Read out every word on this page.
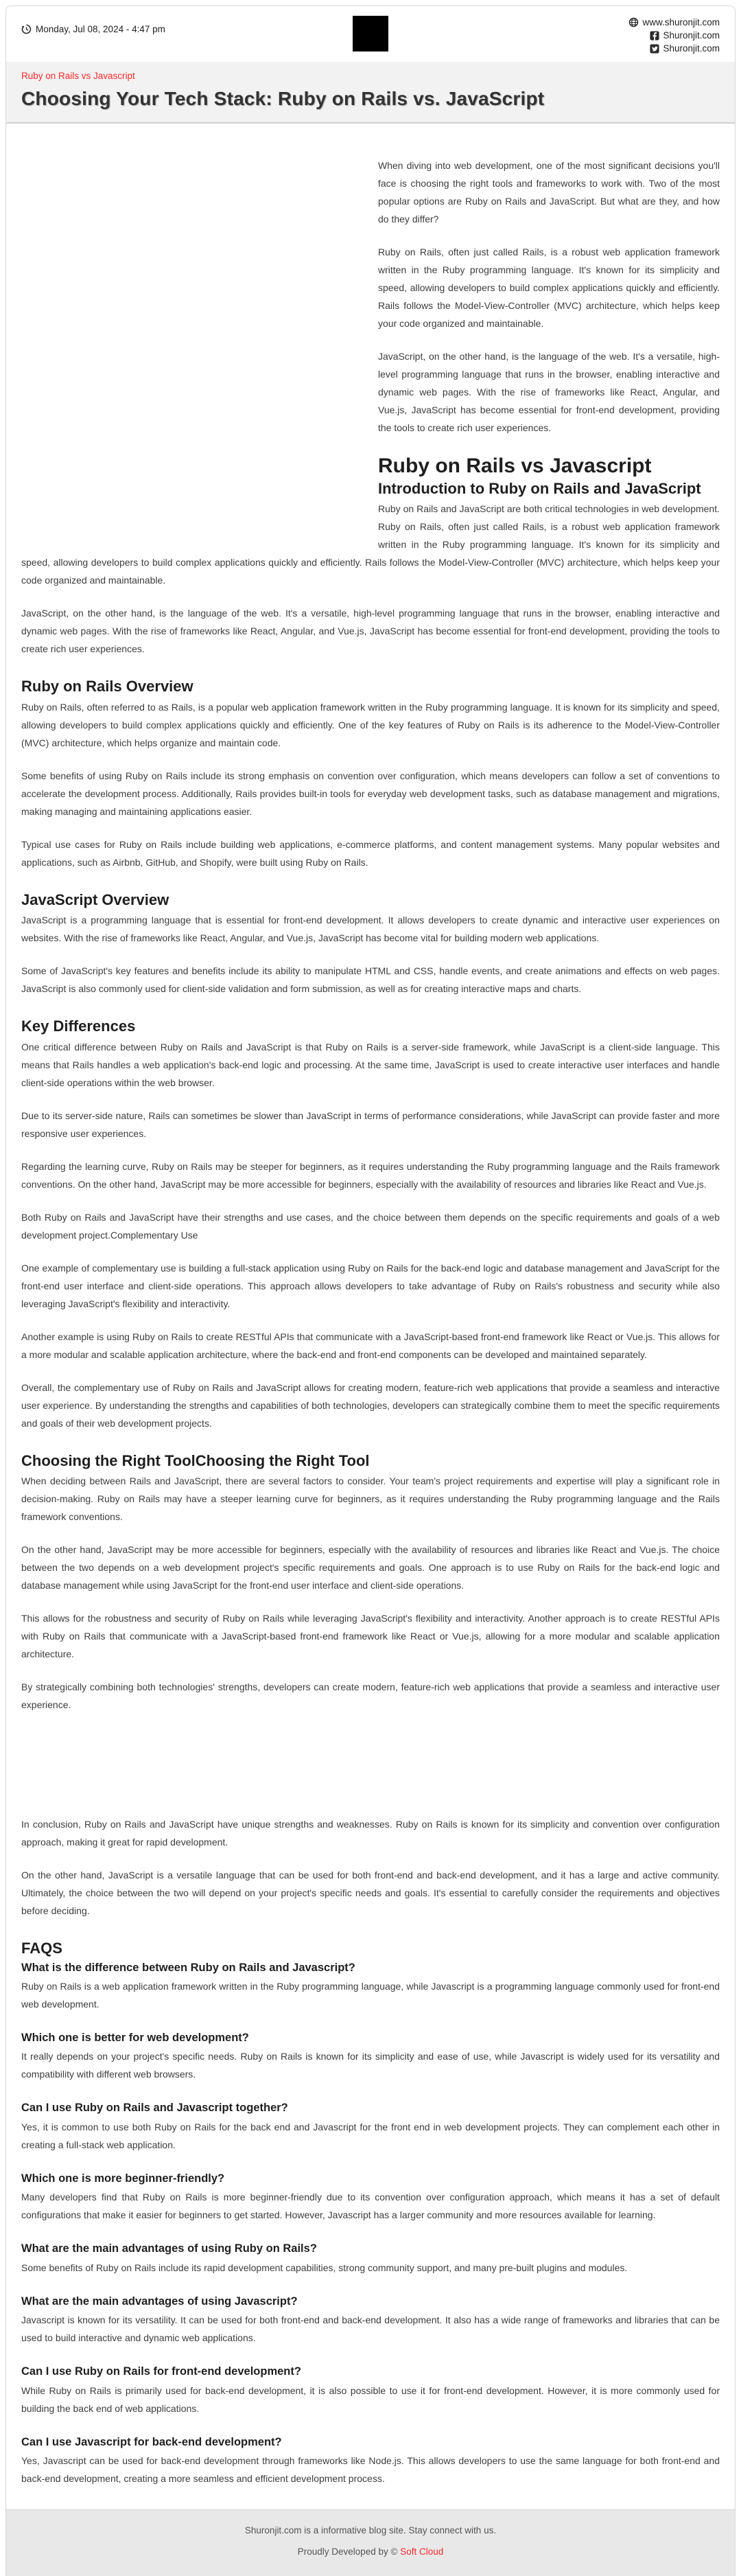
Monday, Jul 08, 2024 - 4:47 pm
www.shuronjit.com
Shuronjit.com
Shuronjit.com
Ruby on Rails vs Javascript
Choosing Your Tech Stack: Ruby on Rails vs. JavaScript

When diving into web development, one of the most significant decisions you'll face is choosing the right tools and frameworks to work with. Two of the most popular options are Ruby on Rails and JavaScript. But what are they, and how do they differ?

Ruby on Rails, often just called Rails, is a robust web application framework written in the Ruby programming language. It's known for its simplicity and speed, allowing developers to build complex applications quickly and efficiently. Rails follows the Model-View-Controller (MVC) architecture, which helps keep your code organized and maintainable.

JavaScript, on the other hand, is the language of the web. It's a versatile, high-level programming language that runs in the browser, enabling interactive and dynamic web pages. With the rise of frameworks like React, Angular, and Vue.js, JavaScript has become essential for front-end development, providing the tools to create rich user experiences.

Ruby on Rails vs Javascript
Introduction to Ruby on Rails and JavaScript

Ruby on Rails and JavaScript are both critical technologies in web development. Ruby on Rails, often just called Rails, is a robust web application framework written in the Ruby programming language. It's known for its simplicity and speed, allowing developers to build complex applications quickly and efficiently. Rails follows the Model-View-Controller (MVC) architecture, which helps keep your code organized and maintainable.

JavaScript, on the other hand, is the language of the web. It's a versatile, high-level programming language that runs in the browser, enabling interactive and dynamic web pages. With the rise of frameworks like React, Angular, and Vue.js, JavaScript has become essential for front-end development, providing the tools to create rich user experiences.

Ruby on Rails Overview

Ruby on Rails, often referred to as Rails, is a popular web application framework written in the Ruby programming language. It is known for its simplicity and speed, allowing developers to build complex applications quickly and efficiently. One of the key features of Ruby on Rails is its adherence to the Model-View-Controller (MVC) architecture, which helps organize and maintain code.

Some benefits of using Ruby on Rails include its strong emphasis on convention over configuration, which means developers can follow a set of conventions to accelerate the development process. Additionally, Rails provides built-in tools for everyday web development tasks, such as database management and migrations, making managing and maintaining applications easier.

Typical use cases for Ruby on Rails include building web applications, e-commerce platforms, and content management systems. Many popular websites and applications, such as Airbnb, GitHub, and Shopify, were built using Ruby on Rails.

JavaScript Overview

JavaScript is a programming language that is essential for front-end development. It allows developers to create dynamic and interactive user experiences on websites. With the rise of frameworks like React, Angular, and Vue.js, JavaScript has become vital for building modern web applications.

Some of JavaScript's key features and benefits include its ability to manipulate HTML and CSS, handle events, and create animations and effects on web pages. JavaScript is also commonly used for client-side validation and form submission, as well as for creating interactive maps and charts.

Key Differences

One critical difference between Ruby on Rails and JavaScript is that Ruby on Rails is a server-side framework, while JavaScript is a client-side language. This means that Rails handles a web application's back-end logic and processing. At the same time, JavaScript is used to create interactive user interfaces and handle client-side operations within the web browser.

Due to its server-side nature, Rails can sometimes be slower than JavaScript in terms of performance considerations, while JavaScript can provide faster and more responsive user experiences.

Regarding the learning curve, Ruby on Rails may be steeper for beginners, as it requires understanding the Ruby programming language and the Rails framework conventions. On the other hand, JavaScript may be more accessible for beginners, especially with the availability of resources and libraries like React and Vue.js.

Both Ruby on Rails and JavaScript have their strengths and use cases, and the choice between them depends on the specific requirements and goals of a web development project.Complementary Use

One example of complementary use is building a full-stack application using Ruby on Rails for the back-end logic and database management and JavaScript for the front-end user interface and client-side operations. This approach allows developers to take advantage of Ruby on Rails's robustness and security while also leveraging JavaScript's flexibility and interactivity.

Another example is using Ruby on Rails to create RESTful APIs that communicate with a JavaScript-based front-end framework like React or Vue.js. This allows for a more modular and scalable application architecture, where the back-end and front-end components can be developed and maintained separately.

Overall, the complementary use of Ruby on Rails and JavaScript allows for creating modern, feature-rich web applications that provide a seamless and interactive user experience. By understanding the strengths and capabilities of both technologies, developers can strategically combine them to meet the specific requirements and goals of their web development projects.

Choosing the Right ToolChoosing the Right Tool

When deciding between Rails and JavaScript, there are several factors to consider. Your team's project requirements and expertise will play a significant role in decision-making. Ruby on Rails may have a steeper learning curve for beginners, as it requires understanding the Ruby programming language and the Rails framework conventions.

On the other hand, JavaScript may be more accessible for beginners, especially with the availability of resources and libraries like React and Vue.js. The choice between the two depends on a web development project's specific requirements and goals. One approach is to use Ruby on Rails for the back-end logic and database management while using JavaScript for the front-end user interface and client-side operations.

This allows for the robustness and security of Ruby on Rails while leveraging JavaScript's flexibility and interactivity. Another approach is to create RESTful APIs with Ruby on Rails that communicate with a JavaScript-based front-end framework like React or Vue.js, allowing for a more modular and scalable application architecture.

By strategically combining both technologies' strengths, developers can create modern, feature-rich web applications that provide a seamless and interactive user experience.

In conclusion, Ruby on Rails and JavaScript have unique strengths and weaknesses. Ruby on Rails is known for its simplicity and convention over configuration approach, making it great for rapid development.

On the other hand, JavaScript is a versatile language that can be used for both front-end and back-end development, and it has a large and active community. Ultimately, the choice between the two will depend on your project's specific needs and goals. It's essential to carefully consider the requirements and objectives before deciding.

FAQS
What is the difference between Ruby on Rails and Javascript?

Ruby on Rails is a web application framework written in the Ruby programming language, while Javascript is a programming language commonly used for front-end web development.

Which one is better for web development?

It really depends on your project's specific needs. Ruby on Rails is known for its simplicity and ease of use, while Javascript is widely used for its versatility and compatibility with different web browsers.

Can I use Ruby on Rails and Javascript together?

Yes, it is common to use both Ruby on Rails for the back end and Javascript for the front end in web development projects. They can complement each other in creating a full-stack web application.

Which one is more beginner-friendly?

Many developers find that Ruby on Rails is more beginner-friendly due to its convention over configuration approach, which means it has a set of default configurations that make it easier for beginners to get started. However, Javascript has a larger community and more resources available for learning.

What are the main advantages of using Ruby on Rails?

Some benefits of Ruby on Rails include its rapid development capabilities, strong community support, and many pre-built plugins and modules.

What are the main advantages of using Javascript?

Javascript is known for its versatility. It can be used for both front-end and back-end development. It also has a wide range of frameworks and libraries that can be used to build interactive and dynamic web applications.

Can I use Ruby on Rails for front-end development?

While Ruby on Rails is primarily used for back-end development, it is also possible to use it for front-end development. However, it is more commonly used for building the back end of web applications.

Can I use Javascript for back-end development?

Yes, Javascript can be used for back-end development through frameworks like Node.js. This allows developers to use the same language for both front-end and back-end development, creating a more seamless and efficient development process.

Shuronjit.com is a informative blog site. Stay connect with us.
Proudly Developed by © Soft Cloud
